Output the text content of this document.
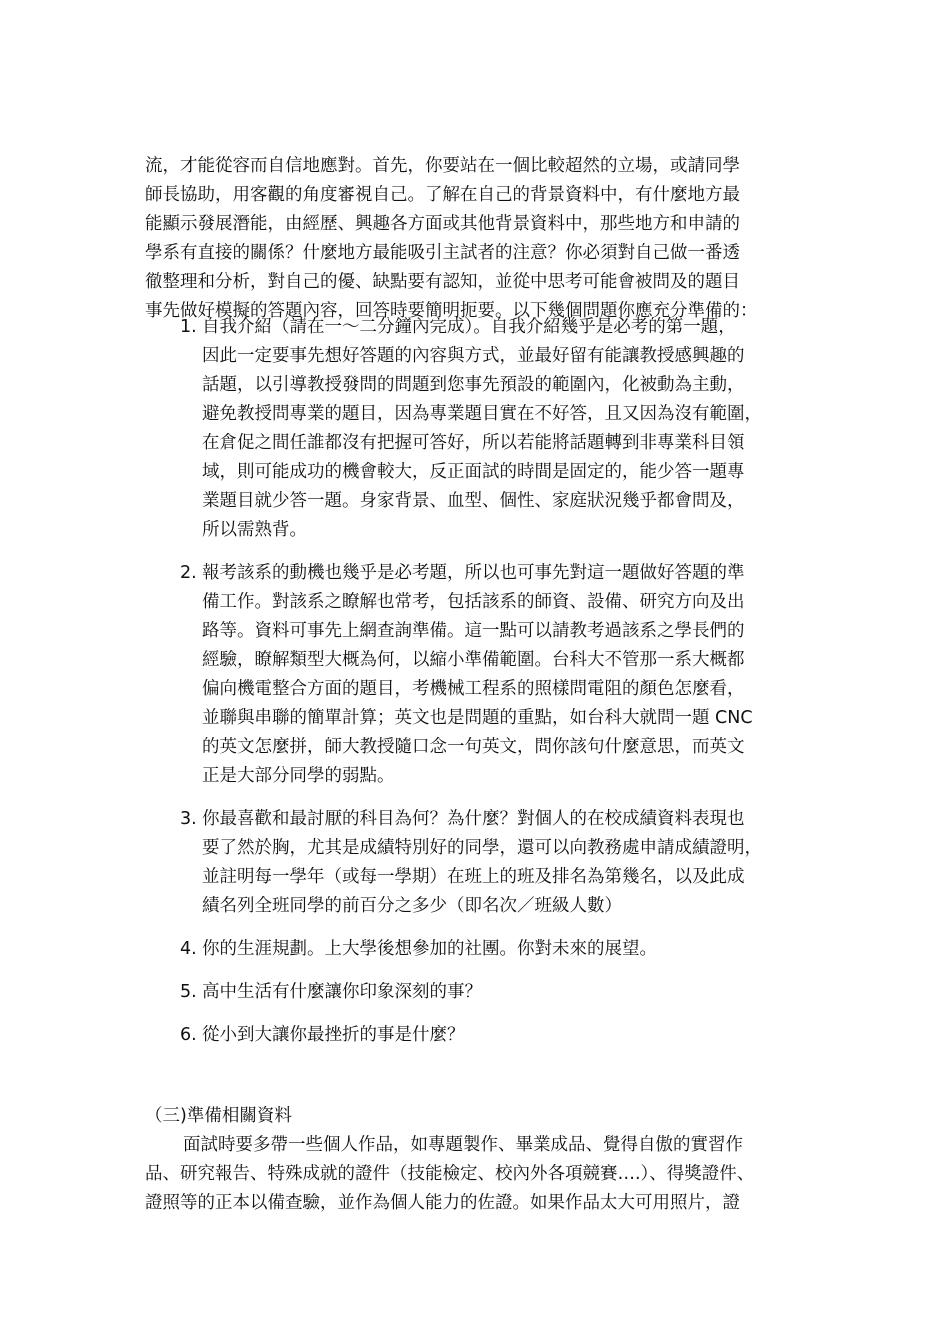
流，才能從容而自信地應對。首先，你要站在一個比較超然的立場，或請同學
師長協助，用客觀的角度審視自己。了解在自己的背景資料中，有什麼地方最
能顯示發展潛能，由經歷、興趣各方面或其他背景資料中，那些地方和申請的
學系有直接的關係？什麼地方最能吸引主試者的注意？你必須對自己做一番透
徹整理和分析，對自己的優、缺點要有認知，並從中思考可能會被問及的題目
事先做好模擬的答題內容，回答時要簡明扼要。以下幾個問題你應充分準備的：
1. 自我介紹（請在一～二分鐘內完成）。自我介紹幾乎是必考的第一題，
因此一定要事先想好答題的內容與方式，並最好留有能讓教授感興趣的
話題，以引導教授發問的問題到您事先預設的範圍內，化被動為主動，
避免教授問專業的題目，因為專業題目實在不好答，且又因為沒有範圍，
在倉促之間任誰都沒有把握可答好，所以若能將話題轉到非專業科目領
域，則可能成功的機會較大，反正面試的時間是固定的，能少答一題專
業題目就少答一題。身家背景、血型、個性、家庭狀況幾乎都會問及，
所以需熟背。
2. 報考該系的動機也幾乎是必考題，所以也可事先對這一題做好答題的準
備工作。對該系之瞭解也常考，包括該系的師資、設備、研究方向及出
路等。資料可事先上網查詢準備。這一點可以請教考過該系之學長們的
經驗，瞭解類型大概為何，以縮小準備範圍。台科大不管那一系大概都
偏向機電整合方面的題目，考機械工程系的照樣問電阻的顏色怎麼看，
並聯與串聯的簡單計算；英文也是問題的重點，如台科大就問一題 CNC
的英文怎麼拼，師大教授隨口念一句英文，問你該句什麼意思，而英文
正是大部分同學的弱點。
3. 你最喜歡和最討厭的科目為何？為什麼？對個人的在校成績資料表現也
要了然於胸，尤其是成績特別好的同學，還可以向教務處申請成績證明，
並註明每一學年（或每一學期）在班上的班及排名為第幾名，以及此成
績名列全班同學的前百分之多少（即名次／班級人數）
4. 你的生涯規劃。上大學後想參加的社團。你對未來的展望。
5. 高中生活有什麼讓你印象深刻的事？
6. 從小到大讓你最挫折的事是什麼？
（三)準備相關資料
面試時要多帶一些個人作品，如專題製作、畢業成品、覺得自傲的實習作
品、研究報告、特殊成就的證件（技能檢定、校內外各項競賽….）、得獎證件、
證照等的正本以備查驗，並作為個人能力的佐證。如果作品太大可用照片，證
